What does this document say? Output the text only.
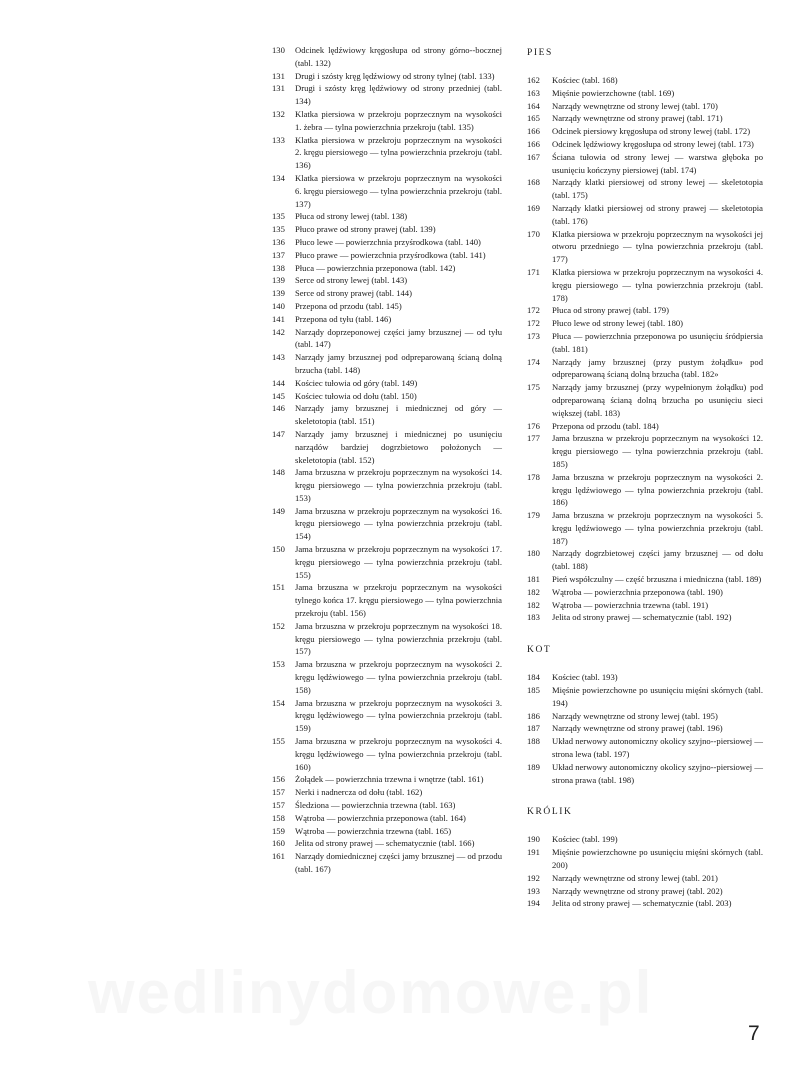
130	Odcinek lędźwiowy kręgosłupa od strony górno--bocznej (tabl. 132)
131	Drugi i szósty kręg lędźwiowy od strony tylnej (tabl. 133)
131	Drugi i szósty kręg lędźwiowy od strony przedniej (tabl. 134)
132	Klatka piersiowa w przekroju poprzecznym na wysokości 1. żebra — tylna powierzchnia przekroju (tabl. 135)
133	Klatka piersiowa w przekroju poprzecznym na wysokości 2. kręgu piersiowego — tylna powierzchnia przekroju (tabl. 136)
134	Klatka piersiowa w przekroju poprzecznym na wysokości 6. kręgu piersiowego — tylna powierzchnia przekroju (tabl. 137)
135	Płuca od strony lewej (tabl. 138)
135	Płuco prawe od strony prawej (tabl. 139)
136	Płuco lewe — powierzchnia przyśrodkowa (tabl. 140)
137	Płuco prawe — powierzchnia przyśrodkowa (tabl. 141)
138	Płuca — powierzchnia przeponowa (tabl. 142)
139	Serce od strony lewej (tabl. 143)
139	Serce od strony prawej (tabl. 144)
140	Przepona od przodu (tabl. 145)
141	Przepona od tyłu (tabl. 146)
142	Narządy doprzeponowej części jamy brzusznej — od tyłu (tabl. 147)
143	Narządy jamy brzusznej pod odpreparowaną ścianą dolną brzucha (tabl. 148)
144	Kościec tułowia od góry (tabl. 149)
145	Kościec tułowia od dołu (tabl. 150)
146	Narządy jamy brzusznej i miednicznej od góry — skeletotopia (tabl. 151)
147	Narządy jamy brzusznej i miednicznej po usunięciu narządów bardziej dogrzbietowo położonych — skeletotopia (tabl. 152)
148	Jama brzuszna w przekroju poprzecznym na wysokości 14. kręgu piersiowego — tylna powierzchnia przekroju (tabl. 153)
149	Jama brzuszna w przekroju poprzecznym na wysokości 16. kręgu piersiowego — tylna powierzchnia przekroju (tabl. 154)
150	Jama brzuszna w przekroju poprzecznym na wysokości 17. kręgu piersiowego — tylna powierzchnia przekroju (tabl. 155)
151	Jama brzuszna w przekroju poprzecznym na wysokości tylnego końca 17. kręgu piersiowego — tylna powierzchnia przekroju (tabl. 156)
152	Jama brzuszna w przekroju poprzecznym na wysokości 18. kręgu piersiowego — tylna powierzchnia przekroju (tabl. 157)
153	Jama brzuszna w przekroju poprzecznym na wysokości 2. kręgu lędźwiowego — tylna powierzchnia przekroju (tabl. 158)
154	Jama brzuszna w przekroju poprzecznym na wysokości 3. kręgu lędźwiowego — tylna powierzchnia przekroju (tabl. 159)
155	Jama brzuszna w przekroju poprzecznym na wysokości 4. kręgu lędźwiowego — tylna powierzchnia przekroju (tabl. 160)
156	Żołądek — powierzchnia trzewna i wnętrze (tabl. 161)
157	Nerki i nadnercza od dołu (tabl. 162)
157	Śledziona — powierzchnia trzewna (tabl. 163)
158	Wątroba — powierzchnia przeponowa (tabl. 164)
159	Wątroba — powierzchnia trzewna (tabl. 165)
160	Jelita od strony prawej — schematycznie (tabl. 166)
161	Narządy domiednicznej części jamy brzusznej — od przodu (tabl. 167)
PIES
162	Kościec (tabl. 168)
163	Mięśnie powierzchowne (tabl. 169)
164	Narządy wewnętrzne od strony lewej (tabl. 170)
165	Narządy wewnętrzne od strony prawej (tabl. 171)
166	Odcinek piersiowy kręgosłupa od strony lewej (tabl. 172)
166	Odcinek lędźwiowy kręgosłupa od strony lewej (tabl. 173)
167	Ściana tułowia od strony lewej — warstwa głęboka po usunięciu kończyny piersiowej (tabl. 174)
168	Narządy klatki piersiowej od strony lewej — skeletotopia (tabl. 175)
169	Narządy klatki piersiowej od strony prawej — skeletotopia (tabl. 176)
170	Klatka piersiowa w przekroju poprzecznym na wysokości jej otworu przedniego — tylna powierzchnia przekroju (tabl. 177)
171	Klatka piersiowa w przekroju poprzecznym na wysokości 4. kręgu piersiowego — tylna powierzchnia przekroju (tabl. 178)
172	Płuca od strony prawej (tabl. 179)
172	Płuco lewe od strony lewej (tabl. 180)
173	Płuca — powierzchnia przeponowa po usunięciu śródpiersia (tabl. 181)
174	Narządy jamy brzusznej (przy pustym żołądku» pod odpreparowaną ścianą dolną brzucha (tabl. 182»
175	Narządy jamy brzusznej (przy wypełnionym żołądku) pod odpreparowaną ścianą dolną brzucha po usunięciu sieci większej (tabl. 183)
176	Przepona od przodu (tabl. 184)
177	Jama brzuszna w przekroju poprzecznym na wysokości 12. kręgu piersiowego — tylna powierzchnia przekroju (tabl. 185)
178	Jama brzuszna w przekroju poprzecznym na wysokości 2. kręgu lędźwiowego — tylna powierzchnia przekroju (tabl. 186)
179	Jama brzuszna w przekroju poprzecznym na wysokości 5. kręgu lędźwiowego — tylna powierzchnia przekroju (tabl. 187)
180	Narządy dogrzbietowej części jamy brzusznej — od dołu (tabl. 188)
181	Pień współczulny — część brzuszna i miedniczna (tabl. 189)
182	Wątroba — powierzchnia przeponowa (tabl. 190)
182	Wątroba — powierzchnia trzewna (tabl. 191)
183	Jelita od strony prawej — schematycznie (tabl. 192)
KOT
184	Kościec (tabl. 193)
185	Mięśnie powierzchowne po usunięciu mięśni skórnych (tabl. 194)
186	Narządy wewnętrzne od strony lewej (tabl. 195)
187	Narządy wewnętrzne od strony prawej (tabl. 196)
188	Układ nerwowy autonomiczny okolicy szyjno--piersiowej — strona lewa (tabl. 197)
189	Układ nerwowy autonomiczny okolicy szyjno--piersiowej — strona prawa (tabl. 198)
KRÓLIK
190	Kościec (tabl. 199)
191	Mięśnie powierzchowne po usunięciu mięśni skórnych (tabl. 200)
192	Narządy wewnętrzne od strony lewej (tabl. 201)
193	Narządy wewnętrzne od strony prawej (tabl. 202)
194	Jelita od strony prawej — schematycznie (tabl. 203)
7
